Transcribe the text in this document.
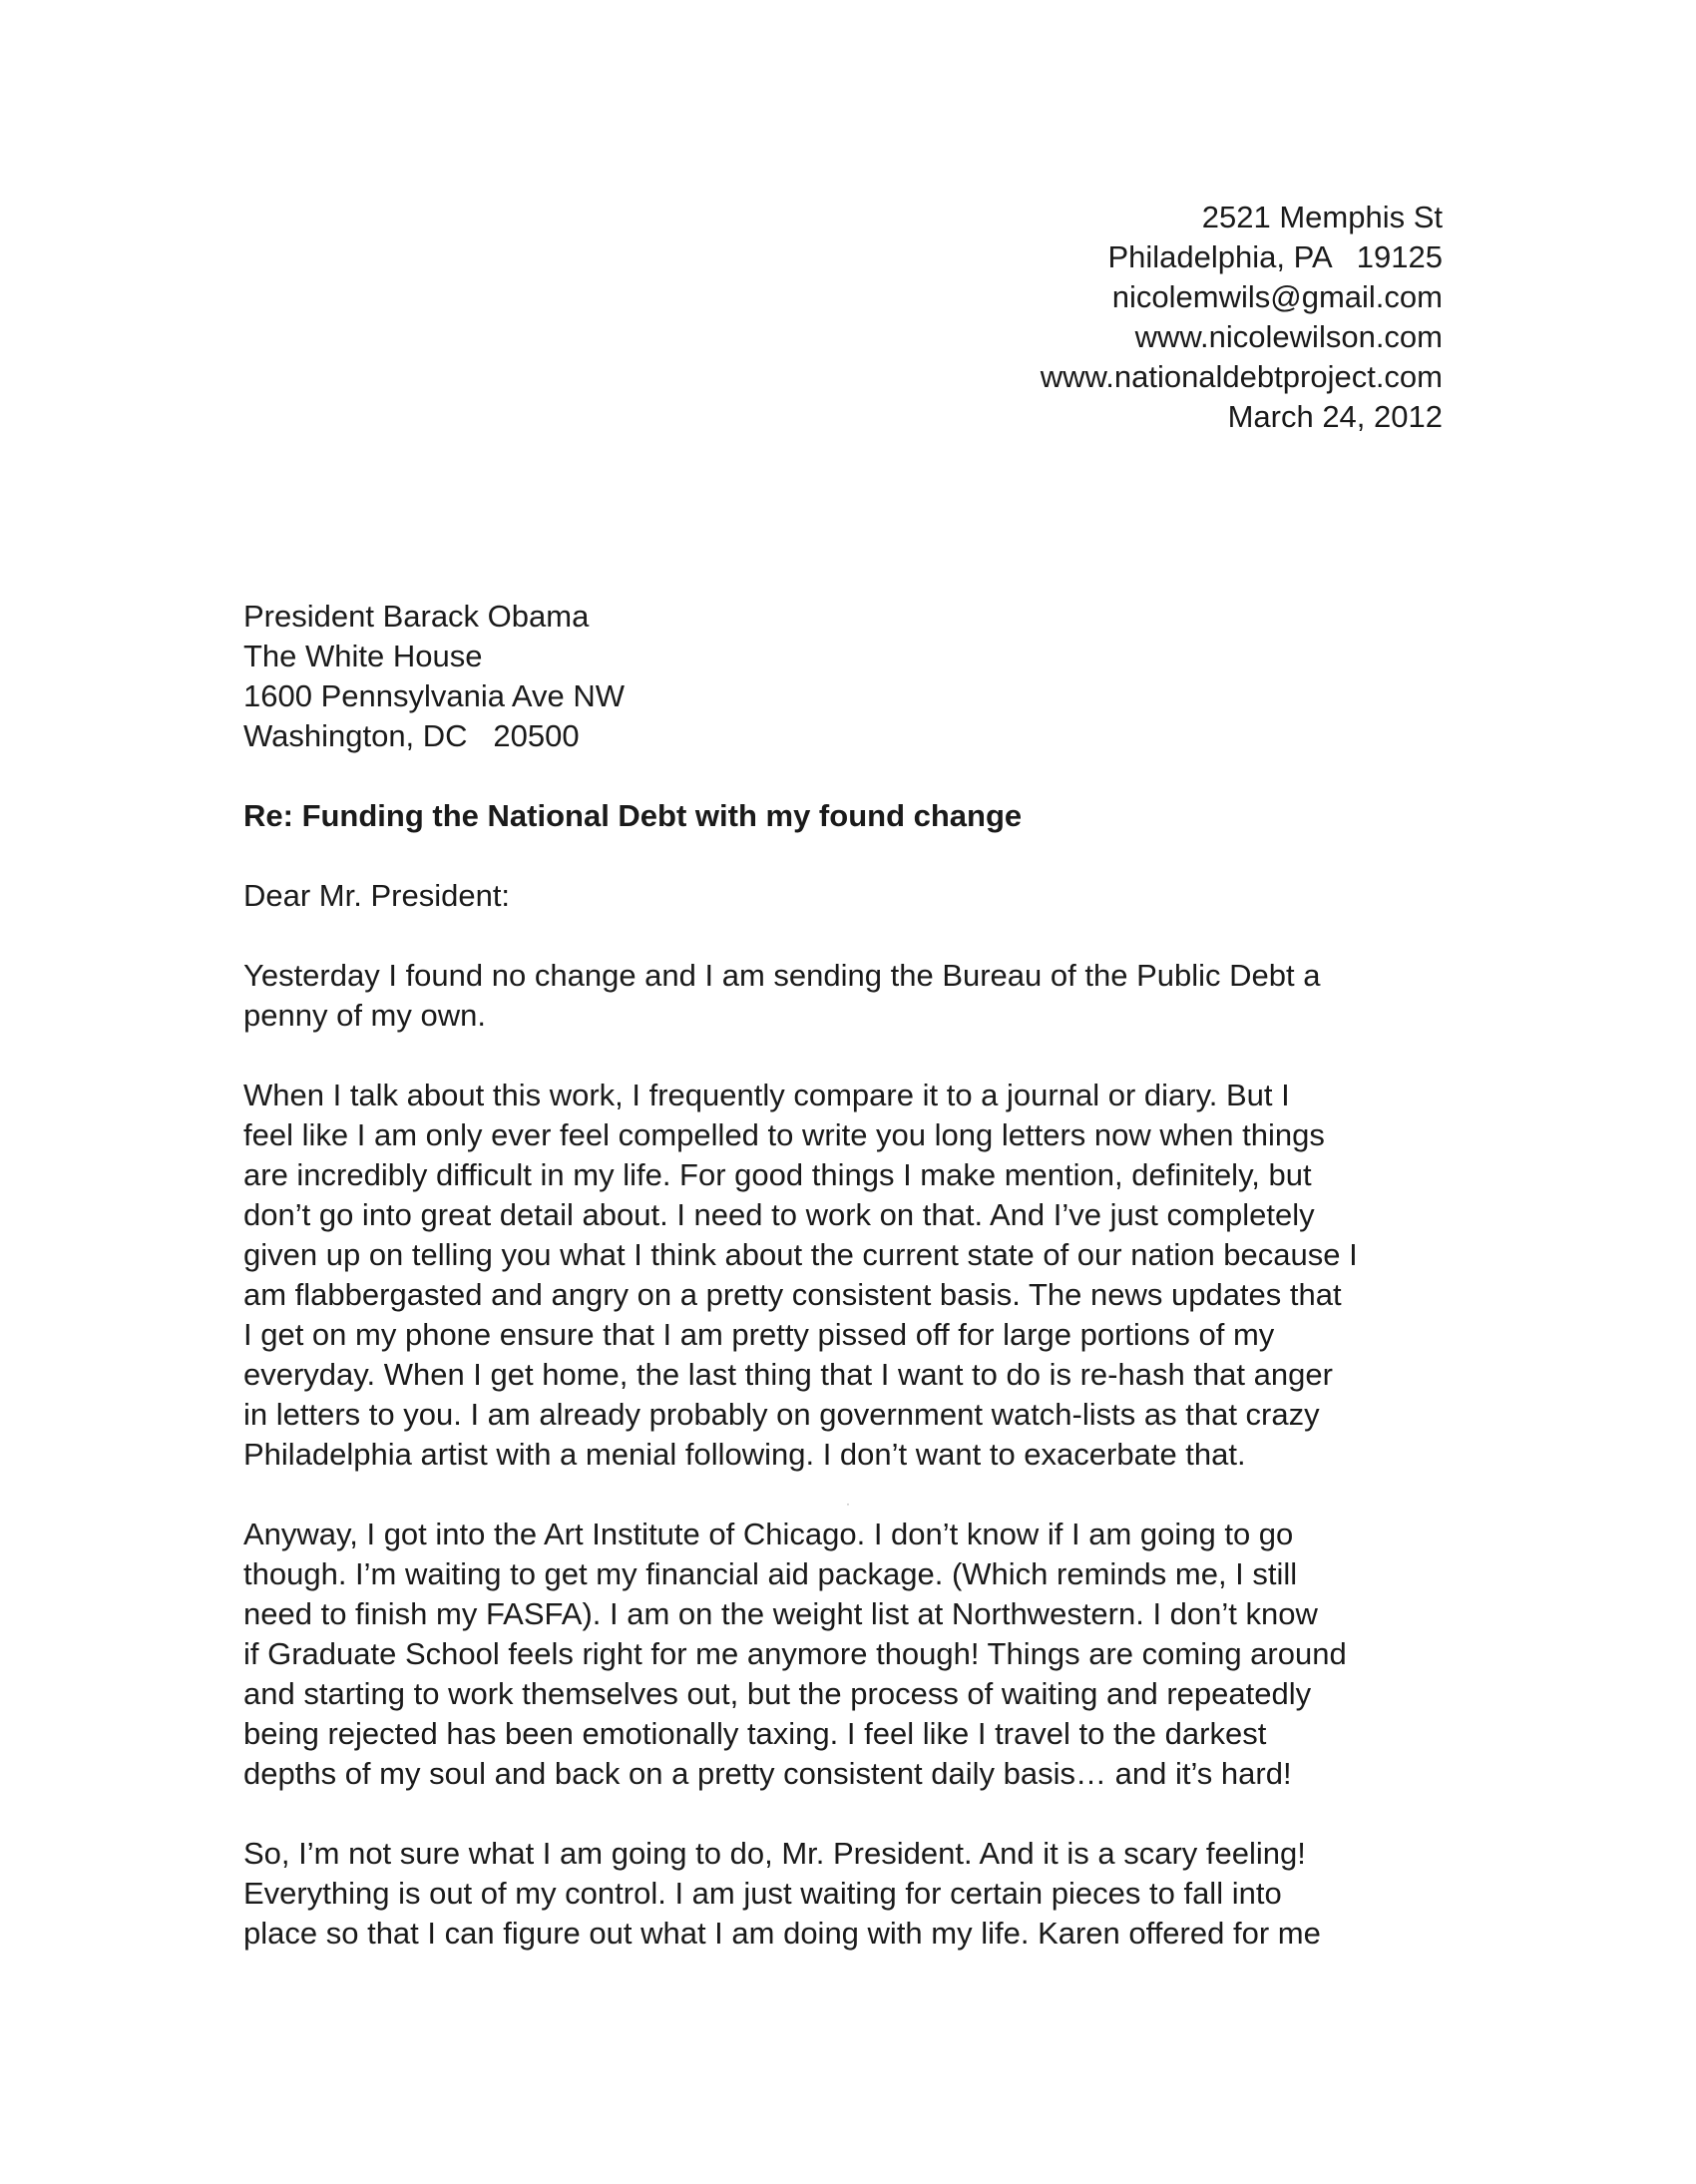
2521 Memphis St
Philadelphia, PA   19125
nicolemwils@gmail.com
www.nicolewilson.com
www.nationaldebtproject.com
March 24, 2012
President Barack Obama
The White House
1600 Pennsylvania Ave NW
Washington, DC   20500
Re: Funding the National Debt with my found change
Dear Mr. President:
Yesterday I found no change and I am sending the Bureau of the Public Debt a
penny of my own.
When I talk about this work, I frequently compare it to a journal or diary. But I
feel like I am only ever feel compelled to write you long letters now when things
are incredibly difficult in my life. For good things I make mention, definitely, but
don’t go into great detail about. I need to work on that. And I’ve just completely
given up on telling you what I think about the current state of our nation because I
am flabbergasted and angry on a pretty consistent basis. The news updates that
I get on my phone ensure that I am pretty pissed off for large portions of my
everyday. When I get home, the last thing that I want to do is re-hash that anger
in letters to you. I am already probably on government watch-lists as that crazy
Philadelphia artist with a menial following. I don’t want to exacerbate that.
Anyway, I got into the Art Institute of Chicago. I don’t know if I am going to go
though. I’m waiting to get my financial aid package. (Which reminds me, I still
need to finish my FASFA). I am on the weight list at Northwestern. I don’t know
if Graduate School feels right for me anymore though! Things are coming around
and starting to work themselves out, but the process of waiting and repeatedly
being rejected has been emotionally taxing. I feel like I travel to the darkest
depths of my soul and back on a pretty consistent daily basis… and it’s hard!
So, I’m not sure what I am going to do, Mr. President. And it is a scary feeling!
Everything is out of my control. I am just waiting for certain pieces to fall into
place so that I can figure out what I am doing with my life. Karen offered for me
·
